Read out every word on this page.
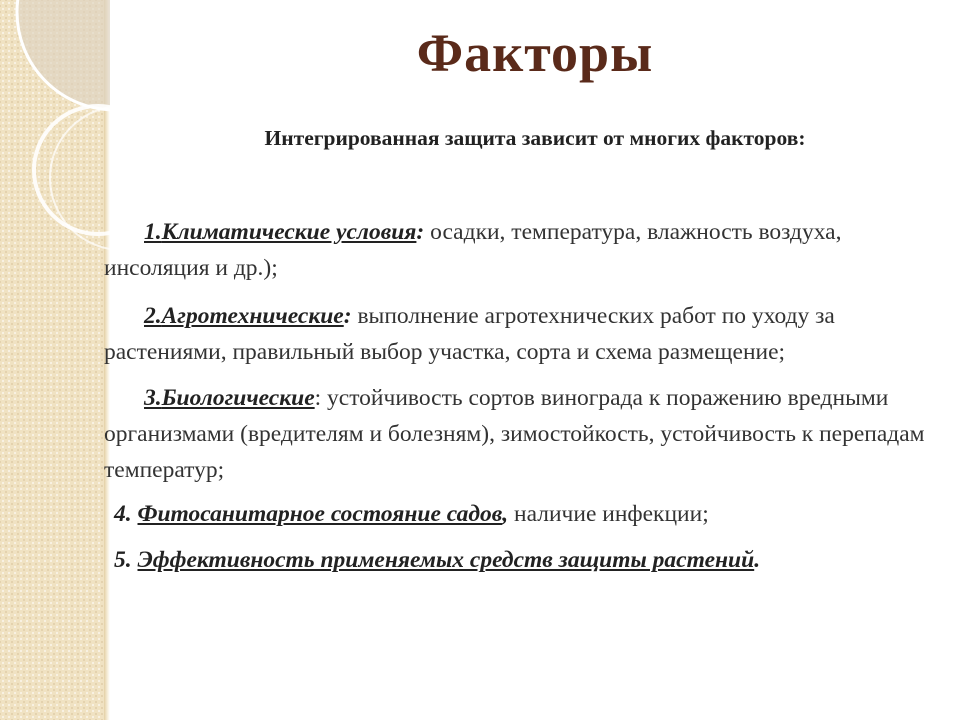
Факторы
Интегрированная защита зависит от многих факторов:

1.Климатические условия: осадки, температура, влажность воздуха, инсоляция и др.);

2.Агротехнические: выполнение агротехнических работ по уходу за растениями, правильный выбор участка, сорта и схема размещение;

3.Биологические: устойчивость сортов винограда к поражению вредными организмами (вредителям и болезням), зимостойкость, устойчивость к перепадам температур;

4. Фитосанитарное состояние садов, наличие инфекции;

5. Эффективность применяемых средств защиты растений.
